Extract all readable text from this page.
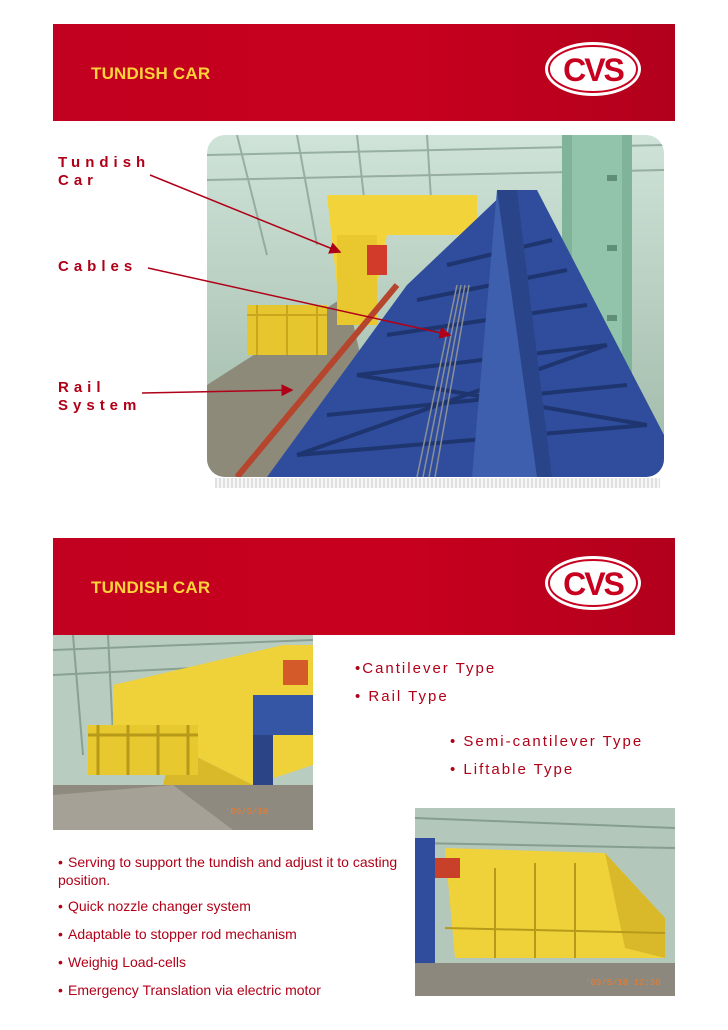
TUNDISH CAR	CVS
Tundish
Car
Cables
Rail
System
TUNDISH CAR	CVS
'09/5/18
•Cantilever Type
• Rail Type
• Semi-cantilever Type
• Liftable Type
'09/5/18 12:30
• Serving to support the tundish and adjust it to casting position.
• Quick nozzle changer system
• Adaptable to stopper rod mechanism
• Weighig Load-cells
• Emergency Translation via electric motor
